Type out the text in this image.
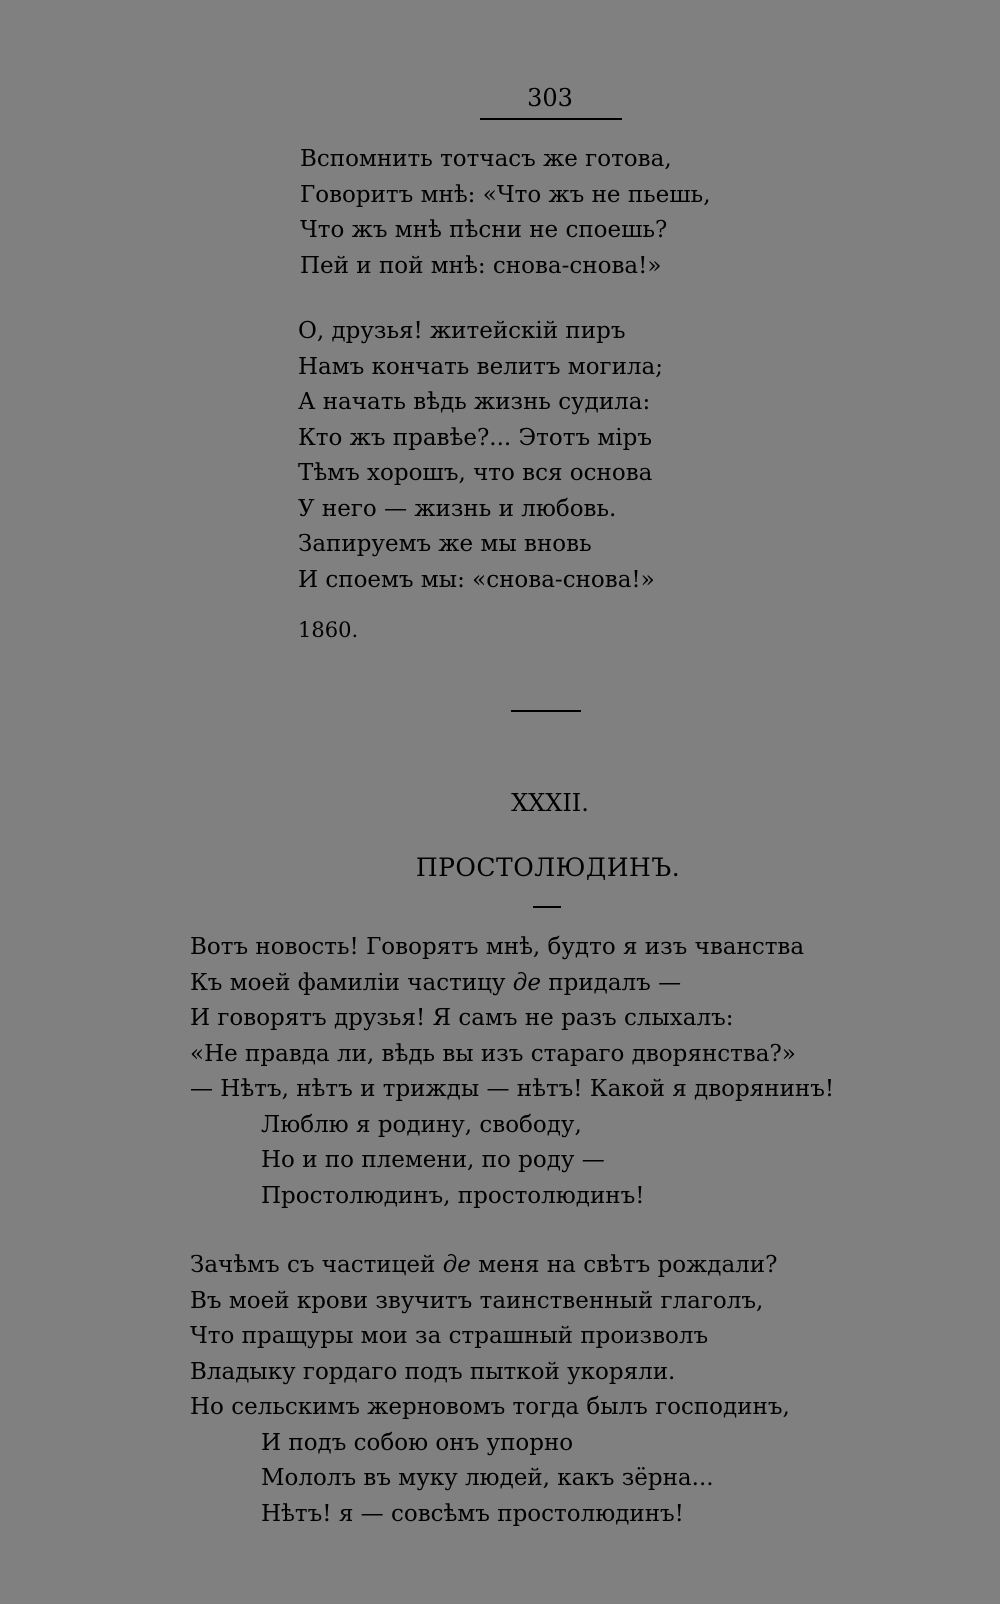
303
Вспомнить тотчасъ же готова,
Говоритъ мнѣ: «Что жъ не пьешь,
Что жъ мнѣ пѣсни не споешь?
Пей и пой мнѣ: снова-снова!»
О, друзья! житейскій пиръ
Намъ кончать велитъ могила;
А начать вѣдь жизнь судила:
Кто жъ правѣе?... Этотъ міръ
Тѣмъ хорошъ, что вся основа
У него — жизнь и любовь.
Запируемъ же мы вновь
И споемъ мы: «снова-снова!»
1860.
XXXII.
ПРОСТОЛЮДИНЪ.
Вотъ новость! Говорятъ мнѣ, будто я изъ чванства
Къ моей фамиліи частицу де придалъ —
И говорятъ друзья! Я самъ не разъ слыхалъ:
«Не правда ли, вѣдь вы изъ стараго дворянства?»
— Нѣтъ, нѣтъ и трижды — нѣтъ! Какой я дворянинъ!
Люблю я родину, свободу,
Но и по племени, по роду —
Простолюдинъ, простолюдинъ!
Зачѣмъ съ частицей де меня на свѣтъ рождали?
Въ моей крови звучитъ таинственный глаголъ,
Что пращуры мои за страшный произволъ
Владыку гордаго подъ пыткой укоряли.
Но сельскимъ жерновомъ тогда былъ господинъ,
И подъ собою онъ упорно
Мололъ въ муку людей, какъ зёрна...
Нѣтъ! я — совсѣмъ простолюдинъ!
